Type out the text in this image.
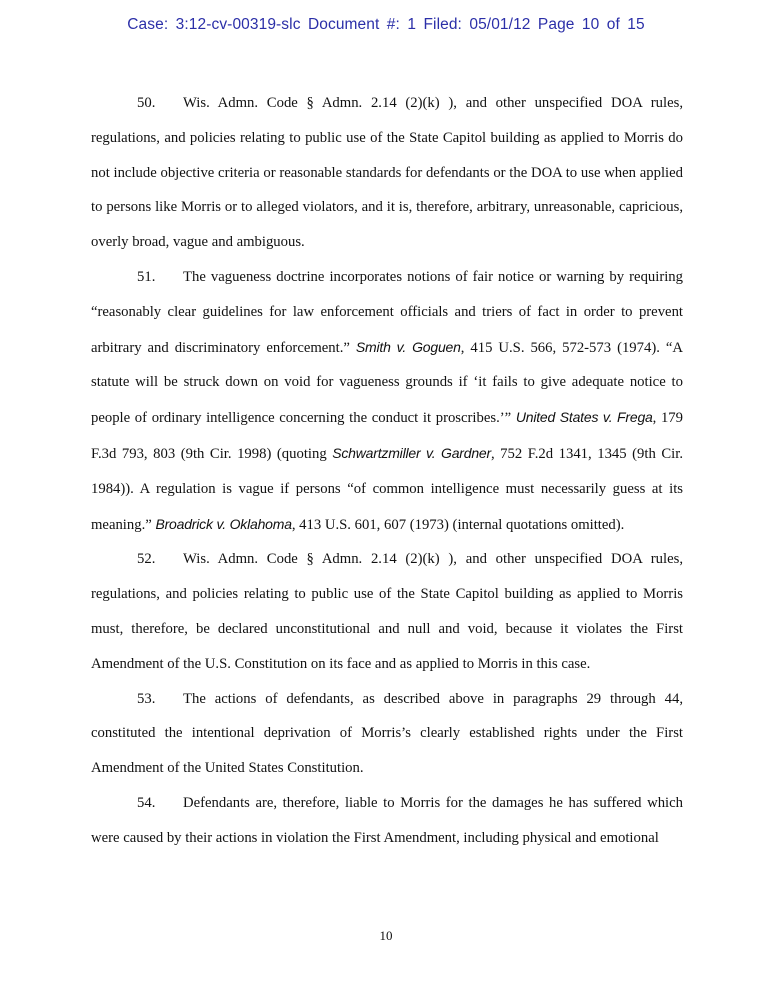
Case: 3:12-cv-00319-slc Document #: 1 Filed: 05/01/12 Page 10 of 15

50. Wis. Admn. Code § Admn. 2.14 (2)(k) ), and other unspecified DOA rules, regulations, and policies relating to public use of the State Capitol building as applied to Morris do not include objective criteria or reasonable standards for defendants or the DOA to use when applied to persons like Morris or to alleged violators, and it is, therefore, arbitrary, unreasonable, capricious, overly broad, vague and ambiguous.

51. The vagueness doctrine incorporates notions of fair notice or warning by requiring “reasonably clear guidelines for law enforcement officials and triers of fact in order to prevent arbitrary and discriminatory enforcement.” Smith v. Goguen, 415 U.S. 566, 572-573 (1974). “A statute will be struck down on void for vagueness grounds if ‘it fails to give adequate notice to people of ordinary intelligence concerning the conduct it proscribes.’” United States v. Frega, 179 F.3d 793, 803 (9th Cir. 1998) (quoting Schwartzmiller v. Gardner, 752 F.2d 1341, 1345 (9th Cir. 1984)). A regulation is vague if persons “of common intelligence must necessarily guess at its meaning.” Broadrick v. Oklahoma, 413 U.S. 601, 607 (1973) (internal quotations omitted).

52. Wis. Admn. Code § Admn. 2.14 (2)(k) ), and other unspecified DOA rules, regulations, and policies relating to public use of the State Capitol building as applied to Morris must, therefore, be declared unconstitutional and null and void, because it violates the First Amendment of the U.S. Constitution on its face and as applied to Morris in this case.

53. The actions of defendants, as described above in paragraphs 29 through 44, constituted the intentional deprivation of Morris’s clearly established rights under the First Amendment of the United States Constitution.

54. Defendants are, therefore, liable to Morris for the damages he has suffered which were caused by their actions in violation the First Amendment, including physical and emotional

10
